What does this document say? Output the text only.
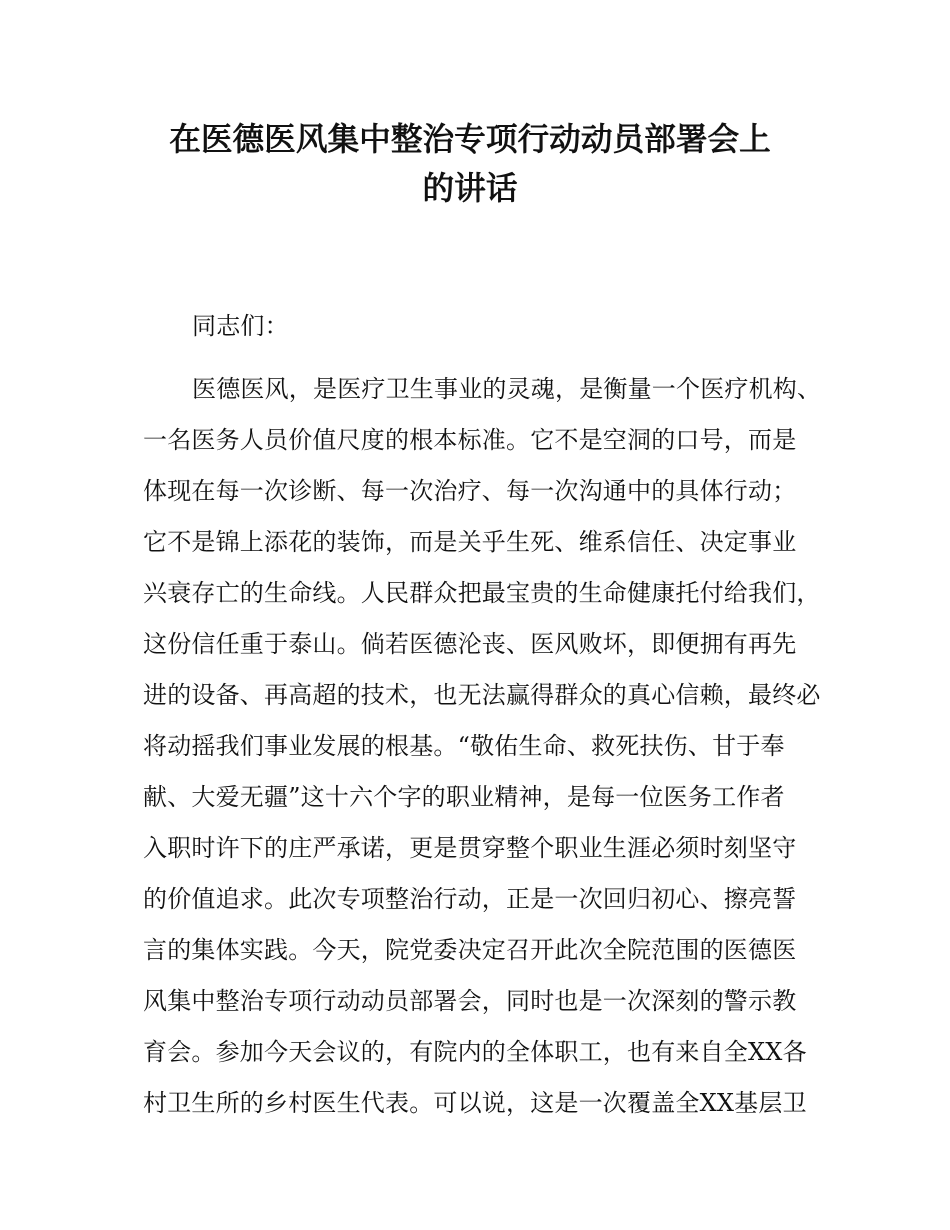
在医德医风集中整治专项行动动员部署会上
的讲话
同志们：
医德医风，是医疗卫生事业的灵魂，是衡量一个医疗机构、
一名医务人员价值尺度的根本标准。它不是空洞的口号，而是
体现在每一次诊断、每一次治疗、每一次沟通中的具体行动；
它不是锦上添花的装饰，而是关乎生死、维系信任、决定事业
兴衰存亡的生命线。人民群众把最宝贵的生命健康托付给我们，
这份信任重于泰山。倘若医德沦丧、医风败坏，即便拥有再先
进的设备、再高超的技术，也无法赢得群众的真心信赖，最终必
将动摇我们事业发展的根基。“敬佑生命、救死扶伤、甘于奉
献、大爱无疆”这十六个字的职业精神，是每一位医务工作者
入职时许下的庄严承诺，更是贯穿整个职业生涯必须时刻坚守
的价值追求。此次专项整治行动，正是一次回归初心、擦亮誓
言的集体实践。今天，院党委决定召开此次全院范围的医德医
风集中整治专项行动动员部署会，同时也是一次深刻的警示教
育会。参加今天会议的，有院内的全体职工，也有来自全XX各
村卫生所的乡村医生代表。可以说，这是一次覆盖全XX基层卫
